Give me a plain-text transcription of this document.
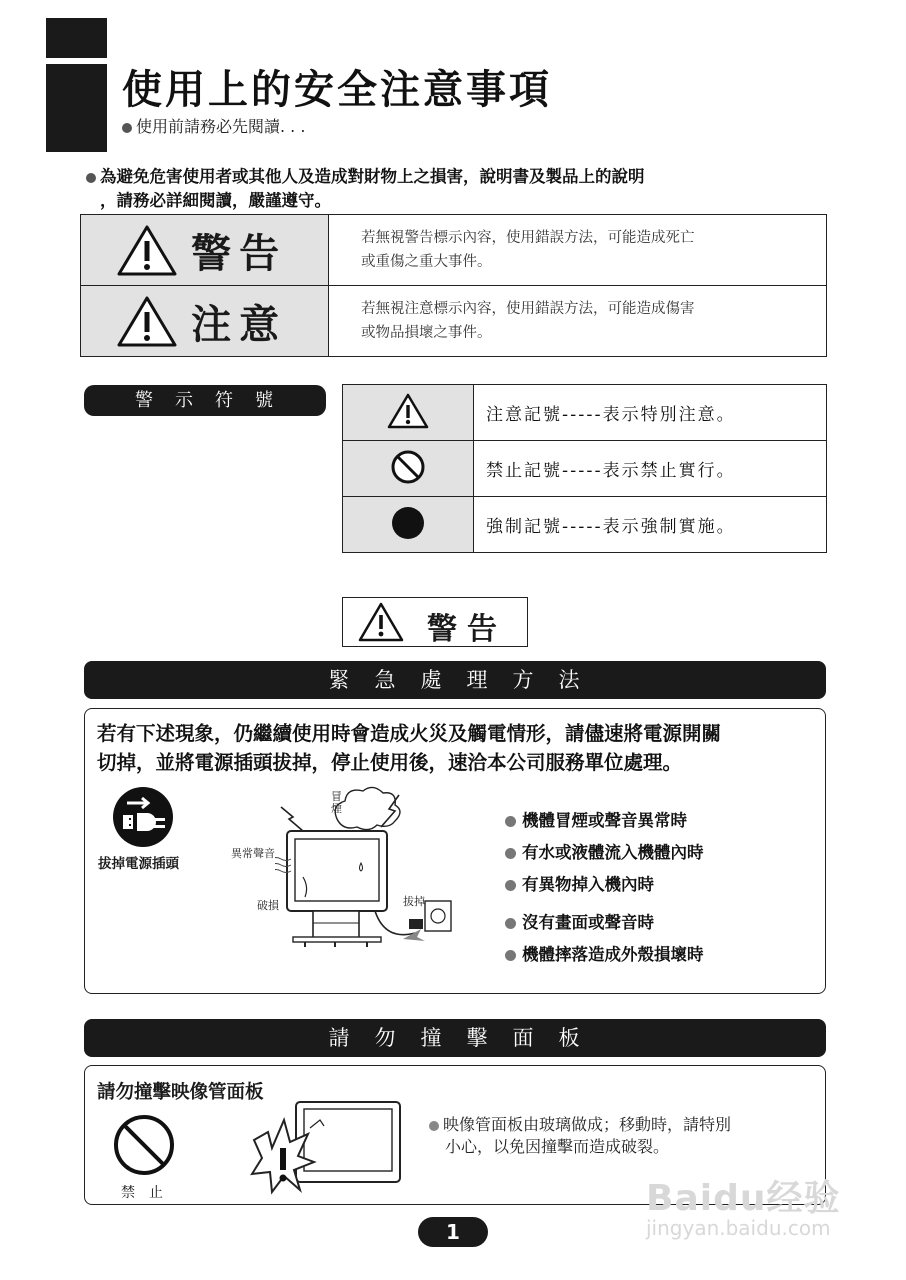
使用上的安全注意事項
使用前請務必先閱讀. . .
為避免危害使用者或其他人及造成對財物上之損害，說明書及製品上的說明
，請務必詳細閱讀，嚴謹遵守。
警告	若無視警告標示內容，使用錯誤方法，可能造成死亡
或重傷之重大事件。

注意	若無視注意標示內容，使用錯誤方法，可能造成傷害
或物品損壞之事件。
警　示　符　號
	注意記號-----表示特別注意。
	禁止記號-----表示禁止實行。
	強制記號-----表示強制實施。
警告
緊　急　處　理　方　法
若有下述現象，仍繼續使用時會造成火災及觸電情形，請儘速將電源開關
切掉，並將電源插頭拔掉，停止使用後，速洽本公司服務單位處理。
拔掉電源插頭
冒煙
異常聲音
破損	拔掉
機體冒煙或聲音異常時
有水或液體流入機體內時
有異物掉入機內時
沒有畫面或聲音時
機體摔落造成外殼損壞時
請　勿　撞　擊　面　板
請勿撞擊映像管面板
禁　止
映像管面板由玻璃做成；移動時，請特別
小心，以免因撞擊而造成破裂。
1
Baidu经验
jingyan.baidu.com
